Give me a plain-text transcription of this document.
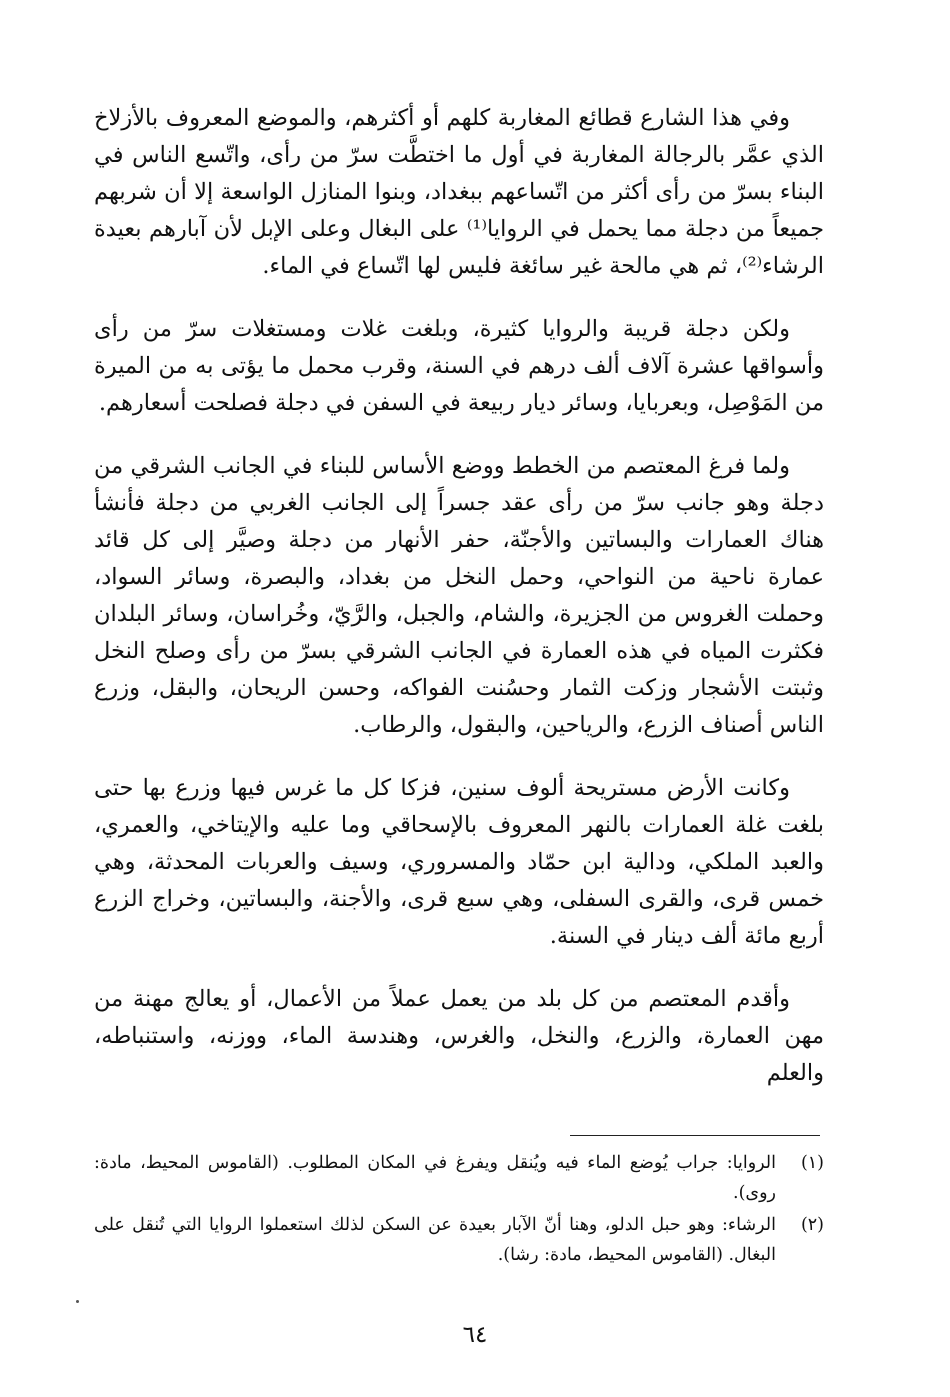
وفي هذا الشارع قطائع المغاربة كلهم أو أكثرهم، والموضع المعروف بالأزلاخ الذي عمَّر بالرجالة المغاربة في أول ما اختطَّت سرّ من رأى، واتّسع الناس في البناء بسرّ من رأى أكثر من اتّساعهم ببغداد، وبنوا المنازل الواسعة إلا أن شربهم جميعاً من دجلة مما يحمل في الروايا⁽¹⁾ على البغال وعلى الإبل لأن آبارهم بعيدة الرشاء⁽²⁾، ثم هي مالحة غير سائغة فليس لها اتّساع في الماء.

ولكن دجلة قريبة والروايا كثيرة، وبلغت غلات ومستغلات سرّ من رأى وأسواقها عشرة آلاف ألف درهم في السنة، وقرب محمل ما يؤتى به من الميرة من المَوْصِل، وبعربايا، وسائر ديار ربيعة في السفن في دجلة فصلحت أسعارهم.

ولما فرغ المعتصم من الخطط ووضع الأساس للبناء في الجانب الشرقي من دجلة وهو جانب سرّ من رأى عقد جسراً إلى الجانب الغربي من دجلة فأنشأ هناك العمارات والبساتين والأجنّة، حفر الأنهار من دجلة وصيَّر إلى كل قائد عمارة ناحية من النواحي، وحمل النخل من بغداد، والبصرة، وسائر السواد، وحملت الغروس من الجزيرة، والشام، والجبل، والرَّيّ، وخُراسان، وسائر البلدان فكثرت المياه في هذه العمارة في الجانب الشرقي بسرّ من رأى وصلح النخل وثبتت الأشجار وزكت الثمار وحسُنت الفواكه، وحسن الريحان، والبقل، وزرع الناس أصناف الزرع، والرياحين، والبقول، والرطاب.

وكانت الأرض مستريحة ألوف سنين، فزكا كل ما غرس فيها وزرع بها حتى بلغت غلة العمارات بالنهر المعروف بالإسحاقي وما عليه والإيتاخي، والعمري، والعبد الملكي، ودالية ابن حمّاد والمسروري، وسيف والعربات المحدثة، وهي خمس قرى، والقرى السفلى، وهي سبع قرى، والأجنة، والبساتين، وخراج الزرع أربع مائة ألف دينار في السنة.

وأقدم المعتصم من كل بلد من يعمل عملاً من الأعمال، أو يعالج مهنة من مهن العمارة، والزرع، والنخل، والغرس، وهندسة الماء، ووزنه، واستنباطه، والعلم

(١)
الروايا: جراب يُوضع الماء فيه ويُنقل ويفرغ في المكان المطلوب. (القاموس المحيط، مادة: روى).
(٢)
الرشاء: وهو حبل الدلو، وهنا أنّ الآبار بعيدة عن السكن لذلك استعملوا الروايا التي تُنقل على البغال. (القاموس المحيط، مادة: رشا).
٦٤
